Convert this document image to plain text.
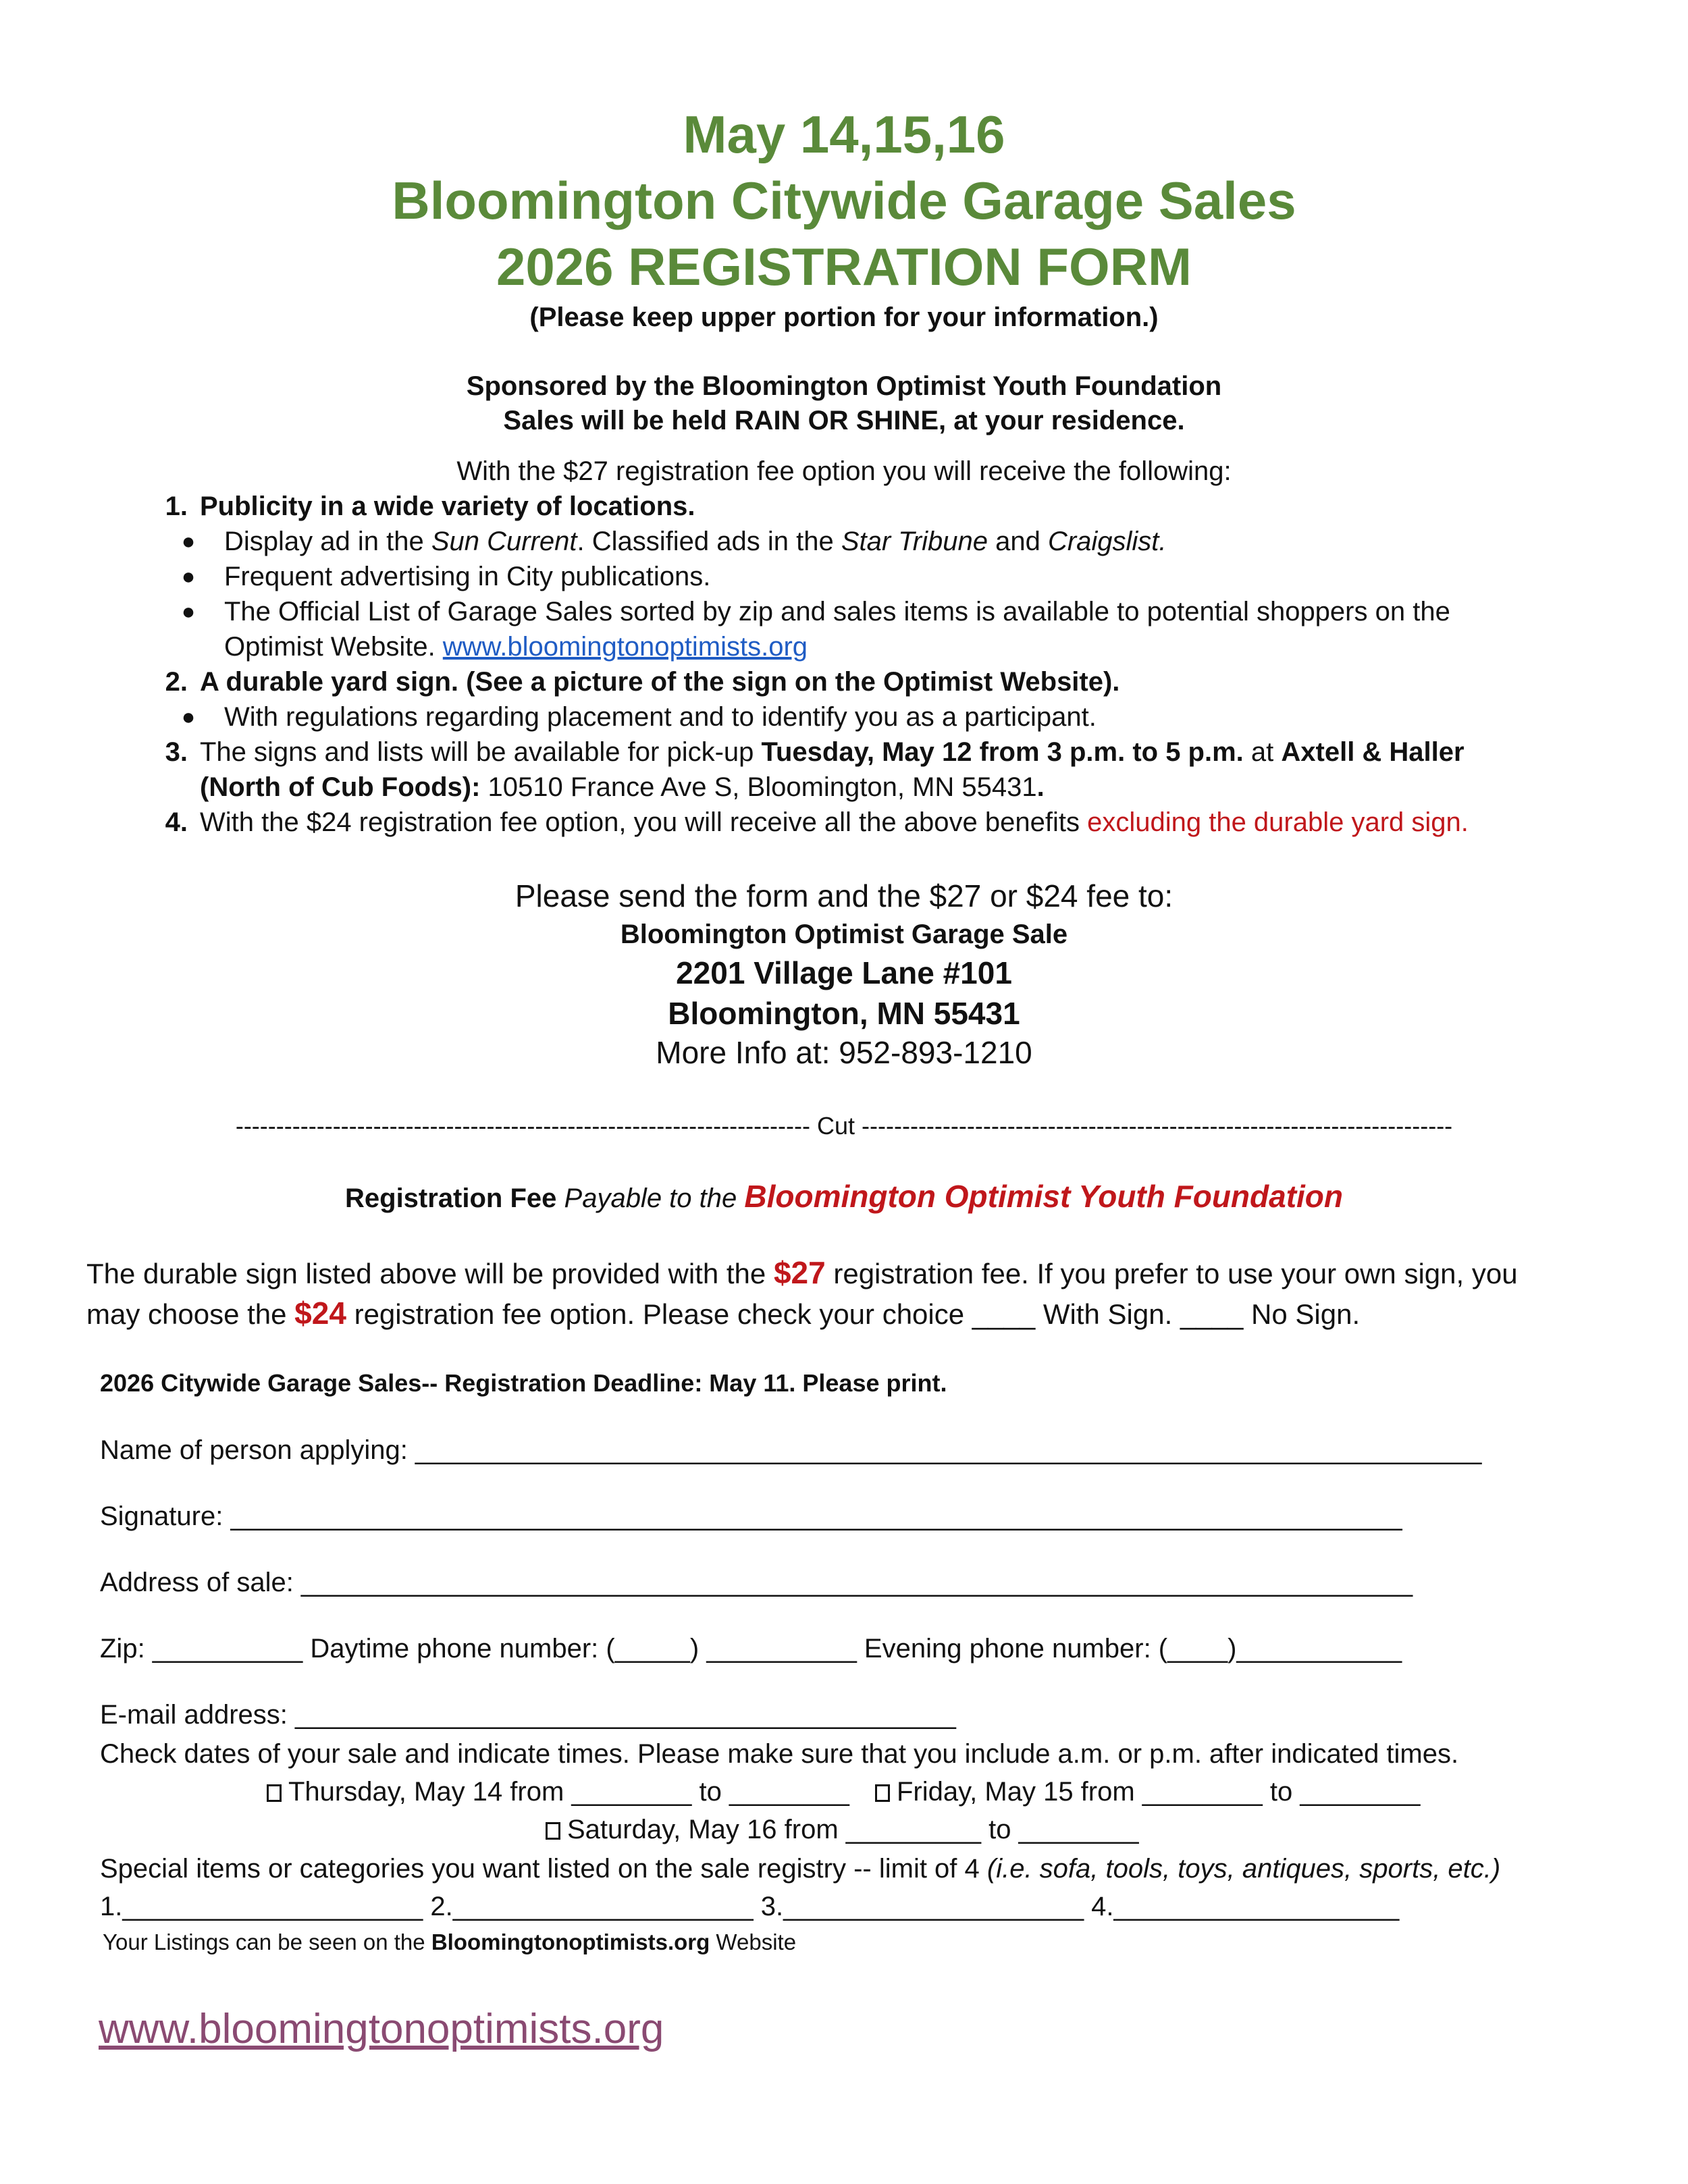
May 14,15,16
Bloomington Citywide Garage Sales
2026 REGISTRATION FORM
(Please keep upper portion for your information.)
Sponsored by the Bloomington Optimist Youth Foundation
Sales will be held RAIN OR SHINE, at your residence.
With the $27 registration fee option you will receive the following:
1. Publicity in a wide variety of locations.
● Display ad in the Sun Current. Classified ads in the Star Tribune and Craigslist.
● Frequent advertising in City publications.
● The Official List of Garage Sales sorted by zip and sales items is available to potential shoppers on the
Optimist Website. www.bloomingtonoptimists.org
2. A durable yard sign. (See a picture of the sign on the Optimist Website).
● With regulations regarding placement and to identify you as a participant.
3. The signs and lists will be available for pick-up Tuesday, May 12 from 3 p.m. to 5 p.m. at Axtell & Haller
(North of Cub Foods): 10510 France Ave S, Bloomington, MN 55431.
4. With the $24 registration fee option, you will receive all the above benefits excluding the durable yard sign.
Please send the form and the $27 or $24 fee to:
Bloomington Optimist Garage Sale
2201 Village Lane #101
Bloomington, MN 55431
More Info at: 952-893-1210
----------------------------------------------------------------------- Cut -------------------------------------------------------------------------
Registration Fee Payable to the Bloomington Optimist Youth Foundation
The durable sign listed above will be provided with the $27 registration fee. If you prefer to use your own sign, you
may choose the $24 registration fee option. Please check your choice ____ With Sign. ____ No Sign.
2026 Citywide Garage Sales-- Registration Deadline: May 11. Please print.
Name of person applying: _______________________________________________________________________
Signature: ______________________________________________________________________________
Address of sale: __________________________________________________________________________
Zip: __________ Daytime phone number: (_____) __________ Evening phone number: (____)___________
E-mail address: ____________________________________________
Check dates of your sale and indicate times. Please make sure that you include a.m. or p.m. after indicated times.
Thursday, May 14 from ________ to ________	Friday, May 15 from ________ to ________
Saturday, May 16 from _________ to ________
Special items or categories you want listed on the sale registry -- limit of 4 (i.e. sofa, tools, toys, antiques, sports, etc.)
1.____________________ 2.____________________ 3.____________________ 4.___________________
Your Listings can be seen on the Bloomingtonoptimists.org Website
www.bloomingtonoptimists.org
